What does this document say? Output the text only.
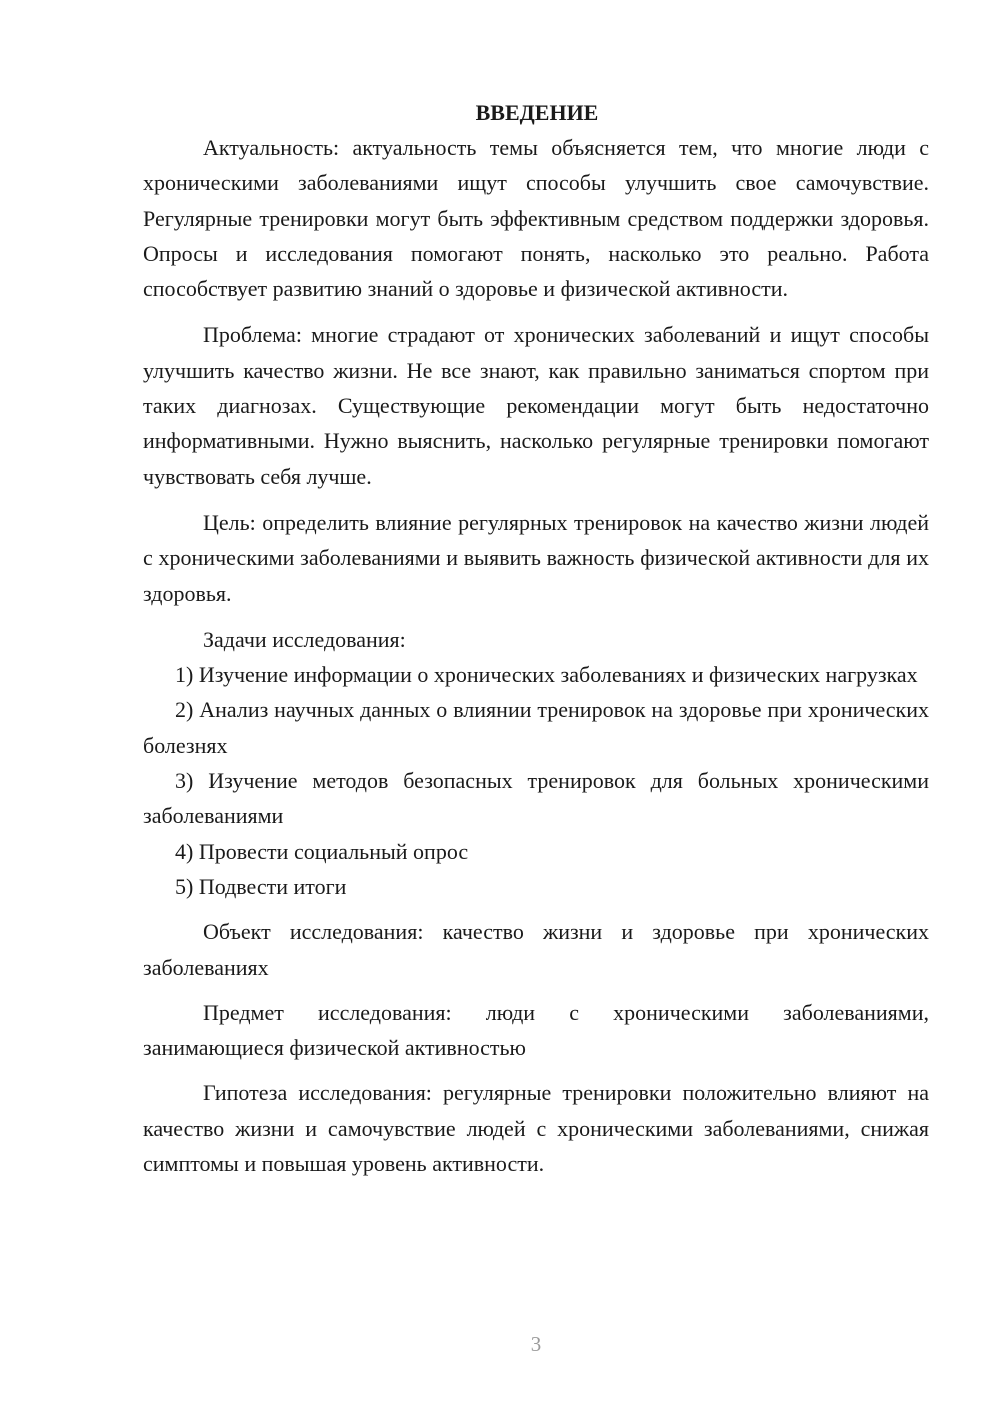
ВВЕДЕНИЕ

Актуальность: актуальность темы объясняется тем, что многие люди с хроническими заболеваниями ищут способы улучшить свое самочувствие. Регулярные тренировки могут быть эффективным средством поддержки здоровья. Опросы и исследования помогают понять, насколько это реально. Работа способствует развитию знаний о здоровье и физической активности.

Проблема: многие страдают от хронических заболеваний и ищут способы улучшить качество жизни. Не все знают, как правильно заниматься спортом при таких диагнозах. Существующие рекомендации могут быть недостаточно информативными. Нужно выяснить, насколько регулярные тренировки помогают чувствовать себя лучше.

Цель: определить влияние регулярных тренировок на качество жизни людей с хроническими заболеваниями и выявить важность физической активности для их здоровья.

Задачи исследования:

1) Изучение информации о хронических заболеваниях и физических нагрузках

2) Анализ научных данных о влиянии тренировок на здоровье при хронических болезнях

3) Изучение методов безопасных тренировок для больных хроническими заболеваниями

4) Провести социальный опрос

5) Подвести итоги

Объект исследования: качество жизни и здоровье при хронических заболеваниях

Предмет исследования: люди с хроническими заболеваниями, занимающиеся физической активностью

Гипотеза исследования: регулярные тренировки положительно влияют на качество жизни и самочувствие людей с хроническими заболеваниями, снижая симптомы и повышая уровень активности.

3
